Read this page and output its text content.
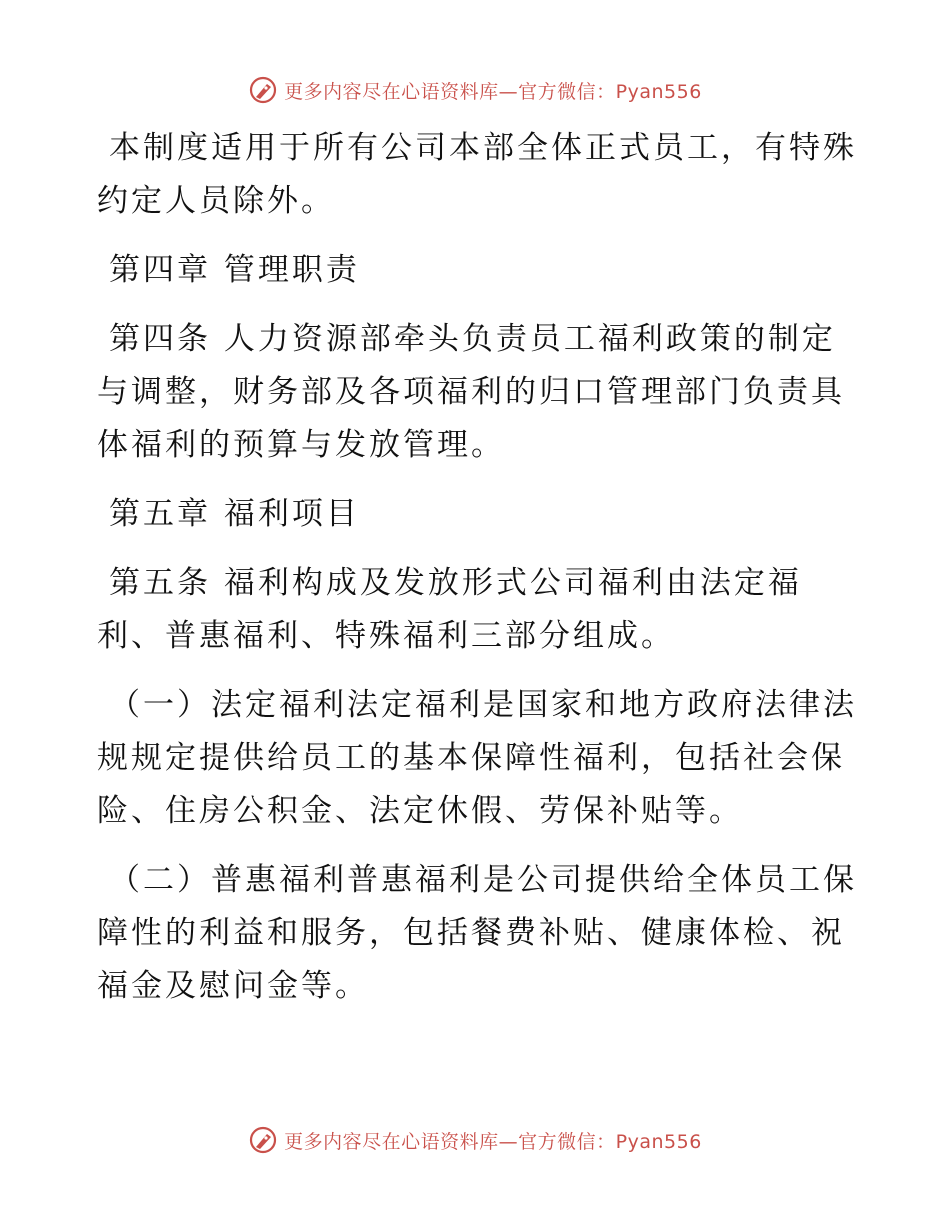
更多内容尽在心语资料库—官方微信：Pyan556

本制度适用于所有公司本部全体正式员工，有特殊约定人员除外。

第四章 管理职责

第四条 人力资源部牵头负责员工福利政策的制定与调整，财务部及各项福利的归口管理部门负责具体福利的预算与发放管理。

第五章 福利项目

第五条 福利构成及发放形式公司福利由法定福利、普惠福利、特殊福利三部分组成。

（一）法定福利法定福利是国家和地方政府法律法规规定提供给员工的基本保障性福利，包括社会保险、住房公积金、法定休假、劳保补贴等。

（二）普惠福利普惠福利是公司提供给全体员工保障性的利益和服务，包括餐费补贴、健康体检、祝福金及慰问金等。

更多内容尽在心语资料库—官方微信：Pyan556
